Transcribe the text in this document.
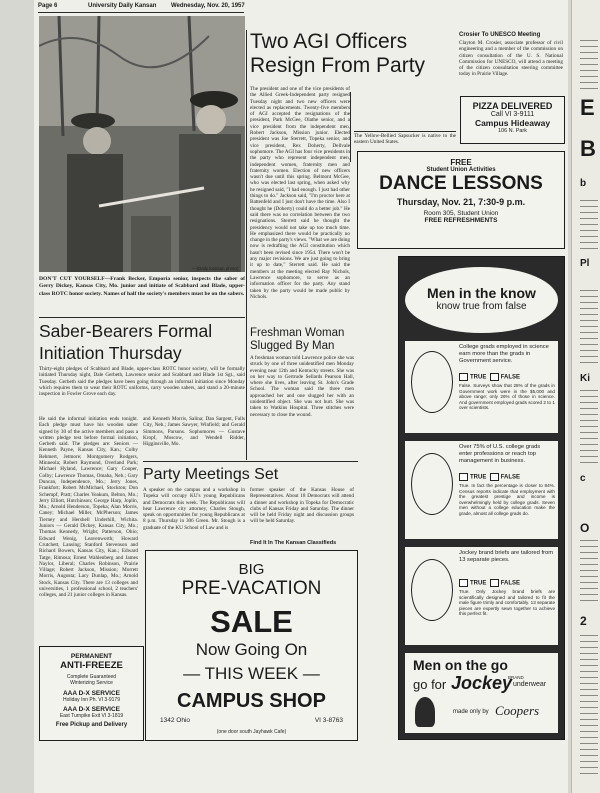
Page 6	University Daily Kansan Wednesday, Nov. 20, 1957
—(Daily Kansan photo)
DON'T CUT YOURSELF—Frank Becker, Emporia senior, inspects the saber of Gerry Dickey, Kansas City, Mo. junior and initiate of Scabbard and Blade, upper-class ROTC honor society. Names of half the society's members must be on the sabers.
Saber-Bearers Formal Initiation Thursday
Thirty-eight pledges of Scabbard and Blade, upper-class ROTC honor society, will be formally initiated Thursday night, Dale Gerbeth, Lawrence senior and Scabbard and Blade 1st Sgt., said Tuesday. Gerbeth said the pledges have been going through an informal initiation since Monday which requires them to wear their ROTC uniforms, carry wooden sabers, and stand a 20-minute inspection in Fowler Grove each day.
He said the informal initiation ends tonight. Each pledge must have his wooden saber signed by 30 of the active members and pass a written pledge test before formal initiation, Gerbeth said. The pledges are: Seniors — Kenneth Payne, Kansas City, Kan.; Colby Rehmert, Jetmore; Montgomery Rodgers, Minneola; Robert Raymond, Overland Park; Michael Hyland, Lawrence; Gary Cooper, Colby; Lawrence Thomas, Omaha, Neb.; Gary Duncan, Independence, Mo.; Jerry Jones, Frankfort; Robert McMichael, Stockton; Don Schempf, Pratt; Charles Yeakum, Belton, Mo.; Jerry Elliott, Hutchinson; George Harp, Joplin, Mo.; Arnold Henderson, Topeka; Alan Morris, Caney; Michael Miller, McPherson; James Tierney and Hershell Underhill, Wichita. Juniors — Gerald Dickey, Kansas City, Mo.; Thomas Kennedy, Wright; Patterson, Ohio; Edward Wenig, Leavenworth; Howard Crutchett, Lansing; Stanford Stevenson and Richard Bowers, Kansas City, Kan.; Edward Tatge, Rimosa; Ernest Wahlenberg and James Naylor, Liberal; Charles Robinson, Prairie Village; Robert Jackson, Mission; Morrett Morris, Augusta; Lacy Dunlap, Mo.; Arnold Stock, Kansas City. There are 13 colleges and universities, 1 professional school, 2 teachers' colleges, and 21 junior colleges in Kansas.
and Kenneth Morris, Salina; Dan Sargent, Falls City, Neb.; James Sawyer, Winfield; and Gerald Simmons, Parsons. Sophomores — Gustave Kropf, Moscow, and Wendell Ridder, Higginsville, Mo.
PERMANENT
ANTI-FREEZE
Complete Guaranteed
Winterizing Service
AAA D-X SERVICE
Holiday Inn Ph. VI 3-9179
AAA D-X SERVICE
East Turnpike Exit VI 3-1819
Free Pickup and Delivery
Two AGI Officers Resign From Party
The president and one of the vice presidents of the Allied Greek-Independent party resigned Tuesday night and two new officers were elected as replacements. Twenty-five members of AGI accepted the resignations of the president, Park McGee, Olathe senior, and a vice president from the independent men, Robert Jackson, Mission junior. Elected president was Joe Sterrett, Topeka senior, and vice president, Rex Doherty, Dellvale sophomore. The AGI has four vice presidents in the party who represent independent men, independent women, fraternity men and fraternity women. Election of new officers wasn't due until this spring. Belmont McGee, who was elected last spring, when asked why he resigned said, "I had enough. I just had other things to do." Jackson said, "I'm proctor here at Battenfeld and I just don't have the time. Also I thought he (Doherty) could do a better job." He said there was no correlation between the two resignations. Sterrett said he thought the presidency would not take up too much time. He emphasized there would be practically no change in the party's views. "What we are doing now is redrafting the AGI constitution which hasn't been revised since 1954. There won't be any major revisions. We are just going to bring it up to date," Sterrett said. He said the members at the meeting elected Ray Nichols, Lawrence sophomore, to serve as an information officer for the party. Any stand taken by the party would be made public by Nichols.
Crosier To UNESCO Meeting
Clayton M. Crosier, associate professor of civil engineering and a member of the commission on citizen consultation of the U. S. National Commission for UNESCO, will attend a meeting of the citizen consultation steering committee today in Prairie Village.
The Yellow-Bellied Sapsucker is native to the eastern United States.
PIZZA DELIVERED
Call VI 3-9111
Campus Hideaway
106 N. Park
FREE
Student Union Activities
DANCE LESSONS
Thursday, Nov. 21, 7:30-9 p.m.
Room 305, Student Union
FREE REFRESHMENTS
Freshman Woman Slugged By Man
A freshman woman told Lawrence police she was struck by one of three unidentified men Monday evening near 12th and Kentucky streets. She was on her way to Gertrude Sellards Pearson Hall, where she lives, after leaving St. John's Grade School. The woman said the three men approached her and one slugged her with an unidentified object. She was not hurt. She was taken to Watkins Hospital. Three stitches were necessary to close the wound.
Party Meetings Set
A speaker on the campus and a workshop in Topeka will occupy KU's young Republicans and Democrats this week. The Republicans will hear Lawrence city attorney, Charles Stough, speak on opportunities for young Republicans at 8 p.m. Thursday in 306 Green. Mr. Stough is a graduate of the KU School of Law and is
former speaker of the Kansas House of Representatives. About 18 Democrats will attend a dinner and workshop in Topeka for Democratic clubs of Kansas Friday and Saturday. The dinner will be held Friday night and discussion groups will be held Saturday.
Find It In The Kansan Classifieds
BIG
PRE-VACATION
SALE
Now Going On
— THIS WEEK —
CAMPUS SHOP
1342 Ohio	VI 3-8763
(one door south Jayhawk Cafe)
Men in the know
know true from false
College grads employed in science earn more than the grads in Government service.
TRUE FALSE
False. Surveys show that 28% of the grads in Government work were in the $5,000 and above range; only 26% of those in science. And government employed grads scored 2 to 1 over scientists.
Over 75% of U.S. college grads enter professions or reach top management in business.
TRUE FALSE
True. In fact the percentage is closer to 84%. Census reports indicate that employment with the greatest prestige and income is overwhelmingly held by college grads. Seven men without a college education make the grade, almost all college grads do.
Jockey brand briefs are tailored from 13 separate pieces.
TRUE FALSE
True. Only Jockey brand briefs are scientifically designed and tailored to fit the male figure trimly and comfortably. 13 separate pieces are expertly sewn together to achieve this perfect fit.
Men on the go
go for Jockey
BRAND
underwear
made only by Coopers
E
B
b
Pl
Ki
c
O
2
